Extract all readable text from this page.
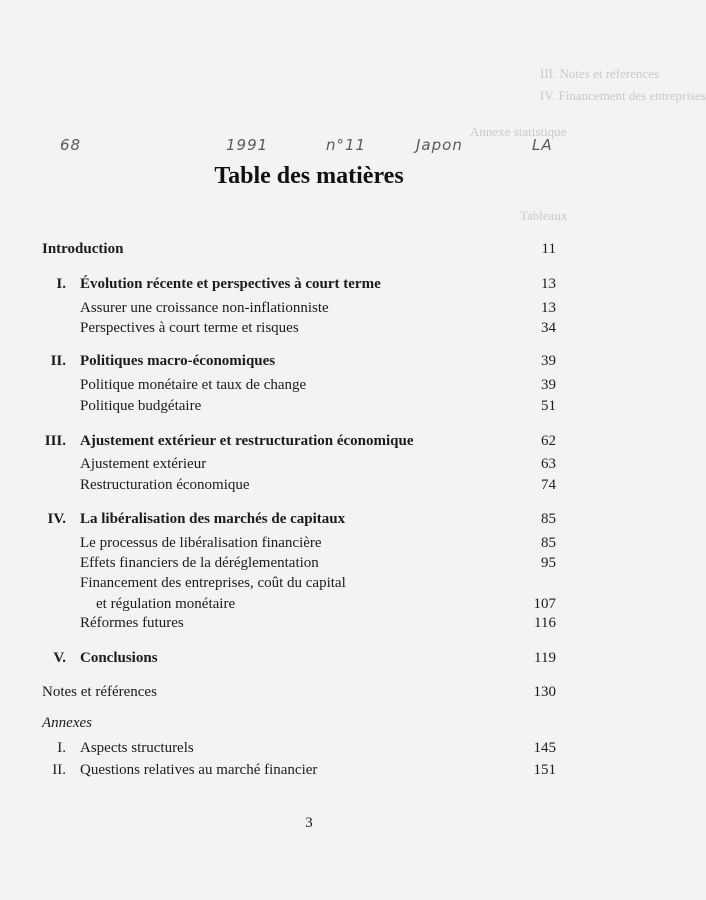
III. Notes et réferences
IV. Financement des entreprises
Annexe statistique
Tableaux
68	1991	n°11	Japon	LA
Table des matières
Introduction	11
I. Évolution récente et perspectives à court terme	13
Assurer une croissance non-inflationniste	13
Perspectives à court terme et risques	34
II. Politiques macro-économiques	39
Politique monétaire et taux de change	39
Politique budgétaire	51
III. Ajustement extérieur et restructuration économique	62
Ajustement extérieur	63
Restructuration économique	74
IV. La libéralisation des marchés de capitaux	85
Le processus de libéralisation financière	85
Effets financiers de la déréglementation	95
Financement des entreprises, coût du capital
et régulation monétaire	107
Réformes futures	116
V. Conclusions	119
Notes et références	130
Annexes
I. Aspects structurels	145
II. Questions relatives au marché financier	151
3
